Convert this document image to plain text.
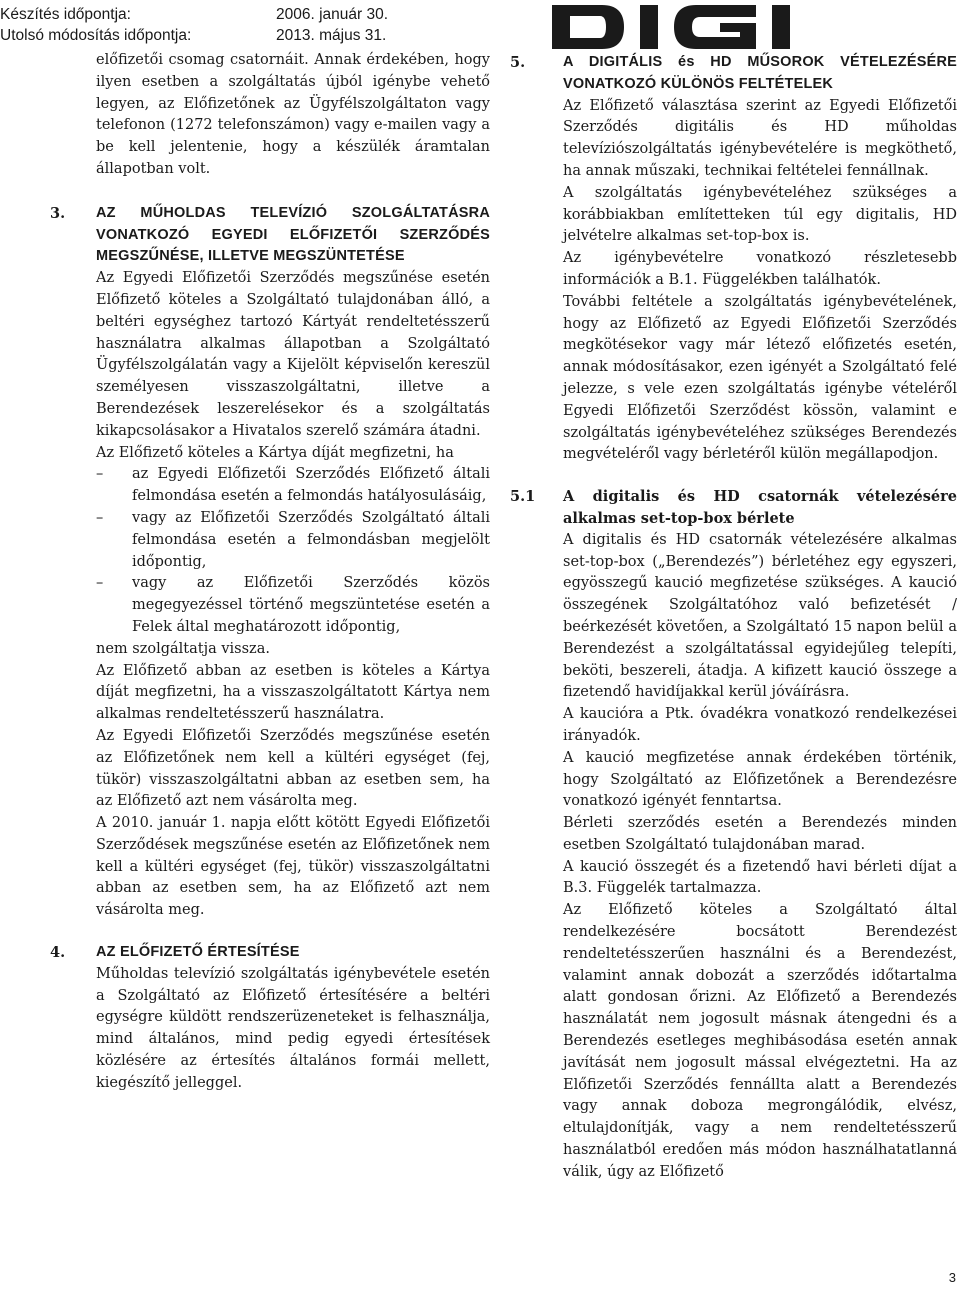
Készítés időpontja:	2006. január 30.
Utolsó módosítás időpontja:	2013. május 31.

előfizetői csomag csatornáit. Annak érdekében, hogy ilyen esetben a szolgáltatás újból igénybe vehető legyen, az Előfizetőnek az Ügyfélszolgáltaton vagy telefonon (1272 telefonszámon) vagy e-mailen vagy a be kell jelentenie, hogy a készülék áramtalan állapotban volt.

3.	AZ MŰHOLDAS TELEVÍZIÓ SZOLGÁLTATÁSRA VONATKOZÓ EGYEDI ELŐFIZETŐI SZERZŐDÉS MEGSZŰNÉSE, ILLETVE MEGSZÜNTETÉSE

Az Egyedi Előfizetői Szerződés megszűnése esetén Előfizető köteles a Szolgáltató tulajdonában álló, a beltéri egységhez tartozó Kártyát rendeltetésszerű használatra alkalmas állapotban a Szolgáltató Ügyfélszolgálatán vagy a Kijelölt képviselőn kereszül személyesen visszaszolgáltatni, illetve a Berendezések leszerelésekor és a szolgáltatás kikapcsolásakor a Hivatalos szerelő számára átadni.

Az Előfizető köteles a Kártya díját megfizetni, ha

–	az Egyedi Előfizetői Szerződés Előfizető általi felmondása esetén a felmondás hatályosulásáig,
–	vagy az Előfizetői Szerződés Szolgáltató általi felmondása esetén a felmondásban megjelölt időpontig,
–	vagy az Előfizetői Szerződés közös megegyezéssel történő megszüntetése esetén a Felek által meghatározott időpontig,

nem szolgáltatja vissza.

Az Előfizető abban az esetben is köteles a Kártya díját megfizetni, ha a visszaszolgáltatott Kártya nem alkalmas rendeltetésszerű használatra.

Az Egyedi Előfizetői Szerződés megszűnése esetén az Előfizetőnek nem kell a kültéri egységet (fej, tükör) visszaszolgáltatni abban az esetben sem, ha az Előfizető azt nem vásárolta meg.

A 2010. január 1. napja előtt kötött Egyedi Előfizetői Szerződések megszűnése esetén az Előfizetőnek nem kell a kültéri egységet (fej, tükör) visszaszolgáltatni abban az esetben sem, ha az Előfizető azt nem vásárolta meg.

4.	AZ ELŐFIZETŐ ÉRTESÍTÉSE

Műholdas televízió szolgáltatás igénybevétele esetén a Szolgáltató az Előfizető értesítésére a beltéri egységre küldött rendszerüzeneteket is felhasználja, mind általános, mind pedig egyedi értesítések közlésére az értesítés általános formái mellett, kiegészítő jelleggel.

5.	A DIGITÁLIS és HD MŰSOROK VÉTELEZÉSÉRE VONATKOZÓ KÜLÖNÖS FELTÉTELEK

Az Előfizető választása szerint az Egyedi Előfizetői Szerződés digitális és HD műholdas televíziószolgáltatás igénybevételére is megköthető, ha annak műszaki, technikai feltételei fennállnak.

A szolgáltatás igénybevételéhez szükséges a korábbiakban említetteken túl egy digitalis, HD jelvételre alkalmas set-top-box is.

Az igénybevételre vonatkozó részletesebb információk a B.1. Függelékben találhatók.

További feltétele a szolgáltatás igénybevételének, hogy az Előfizető az Egyedi Előfizetői Szerződés megkötésekor vagy már létező előfizetés esetén, annak módosításakor, ezen igényét a Szolgáltató felé jelezze, s vele ezen szolgáltatás igénybe vételéről Egyedi Előfizetői Szerződést kössön, valamint e szolgáltatás igénybevételéhez szükséges Berendezés megvételéről vagy bérletéről külön megállapodjon.

5.1	A digitalis és HD csatornák vételezésére alkalmas set-top-box bérlete

A digitalis és HD csatornák vételezésére alkalmas set-top-box („Berendezés”) bérletéhez egy egyszeri, egyösszegű kaució megfizetése szükséges. A kaució összegének Szolgáltatóhoz való befizetését / beérkezését követően, a Szolgáltató 15 napon belül a Berendezést a szolgáltatással egyidejűleg telepíti, beköti, beszereli, átadja. A kifizett kaució összege a fizetendő havidíjakkal kerül jóváírásra.

A kaucióra a Ptk. óvadékra vonatkozó rendelkezései irányadók.

A kaució megfizetése annak érdekében történik, hogy Szolgáltató az Előfizetőnek a Berendezésre vonatkozó igényét fenntartsa.

Bérleti szerződés esetén a Berendezés minden esetben Szolgáltató tulajdonában marad.

A kaució összegét és a fizetendő havi bérleti díjat a B.3. Függelék tartalmazza.

Az Előfizető köteles a Szolgáltató által rendelkezésére bocsátott Berendezést rendeltetésszerűen használni és a Berendezést, valamint annak dobozát a szerződés időtartalma alatt gondosan őrizni. Az Előfizető a Berendezés használatát nem jogosult másnak átengedni és a Berendezés esetleges meghibásodása esetén annak javítását nem jogosult mással elvégeztetni. Ha az Előfizetői Szerződés fennállta alatt a Berendezés vagy annak doboza megrongálódik, elvész, eltulajdonítják, vagy a nem rendeltetésszerű használatból eredően más módon használhatatlanná válik, úgy az Előfizető

3
